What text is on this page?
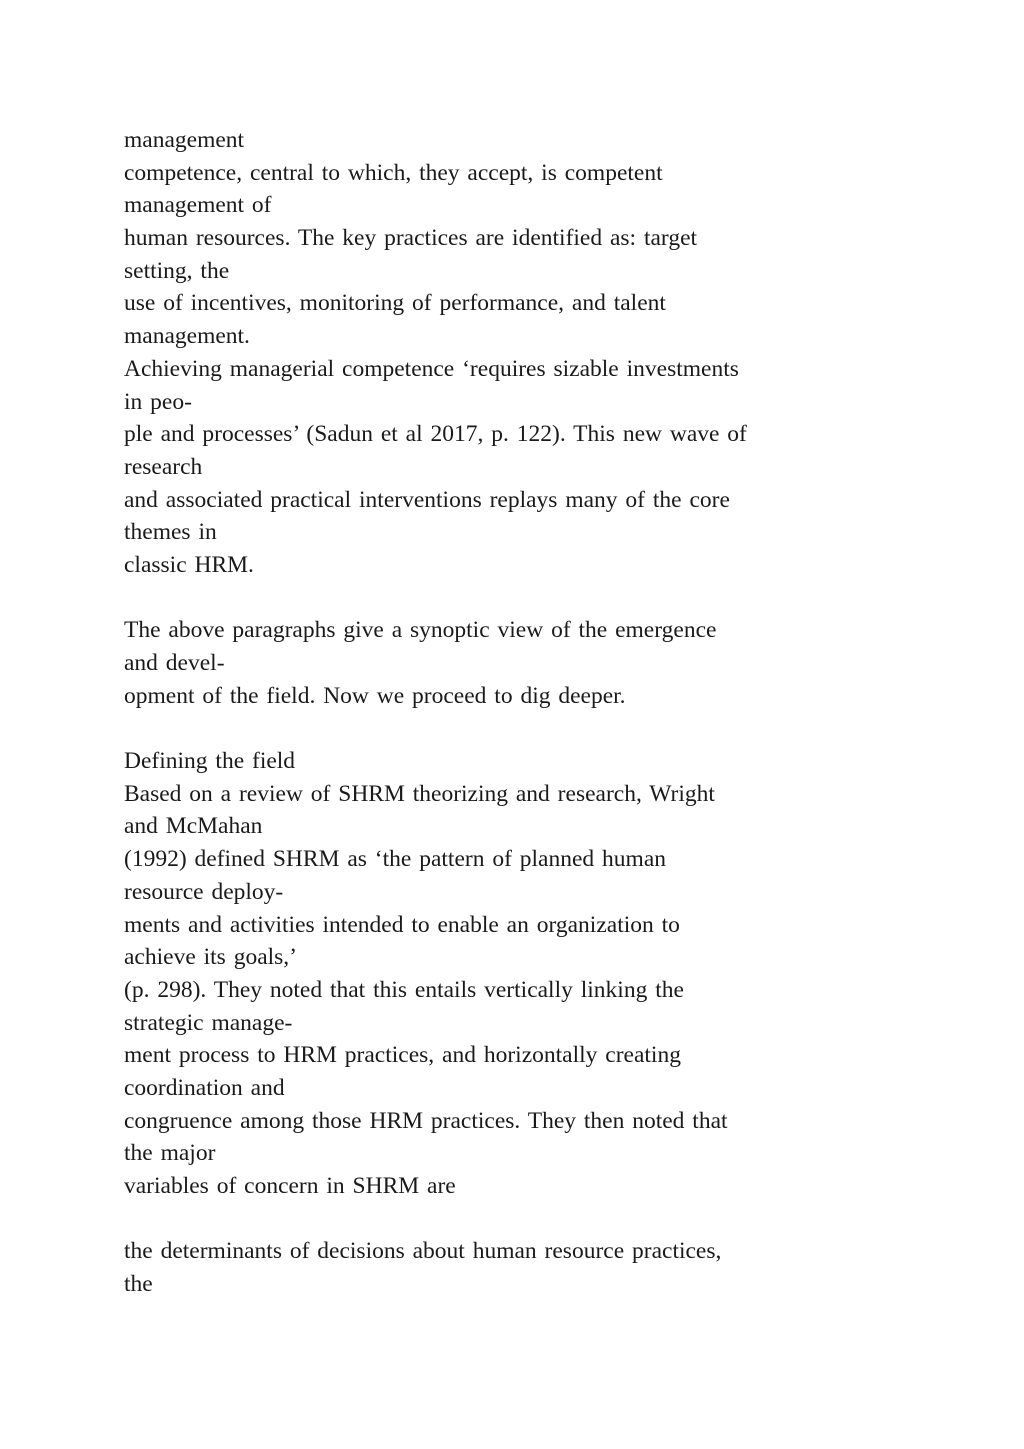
management
competence, central to which, they accept, is competent
management of
human resources. The key practices are identified as: target
setting, the
use of incentives, monitoring of performance, and talent
management.
Achieving managerial competence ‘requires sizable investments
in peo-
ple and processes’ (Sadun et al 2017, p. 122). This new wave of
research
and associated practical interventions replays many of the core
themes in
classic HRM.
The above paragraphs give a synoptic view of the emergence
and devel-
opment of the field. Now we proceed to dig deeper.
Defining the field
Based on a review of SHRM theorizing and research, Wright
and McMahan
(1992) defined SHRM as ‘the pattern of planned human
resource deploy-
ments and activities intended to enable an organization to
achieve its goals,’
(p. 298). They noted that this entails vertically linking the
strategic manage-
ment process to HRM practices, and horizontally creating
coordination and
congruence among those HRM practices. They then noted that
the major
variables of concern in SHRM are
the determinants of decisions about human resource practices,
the
